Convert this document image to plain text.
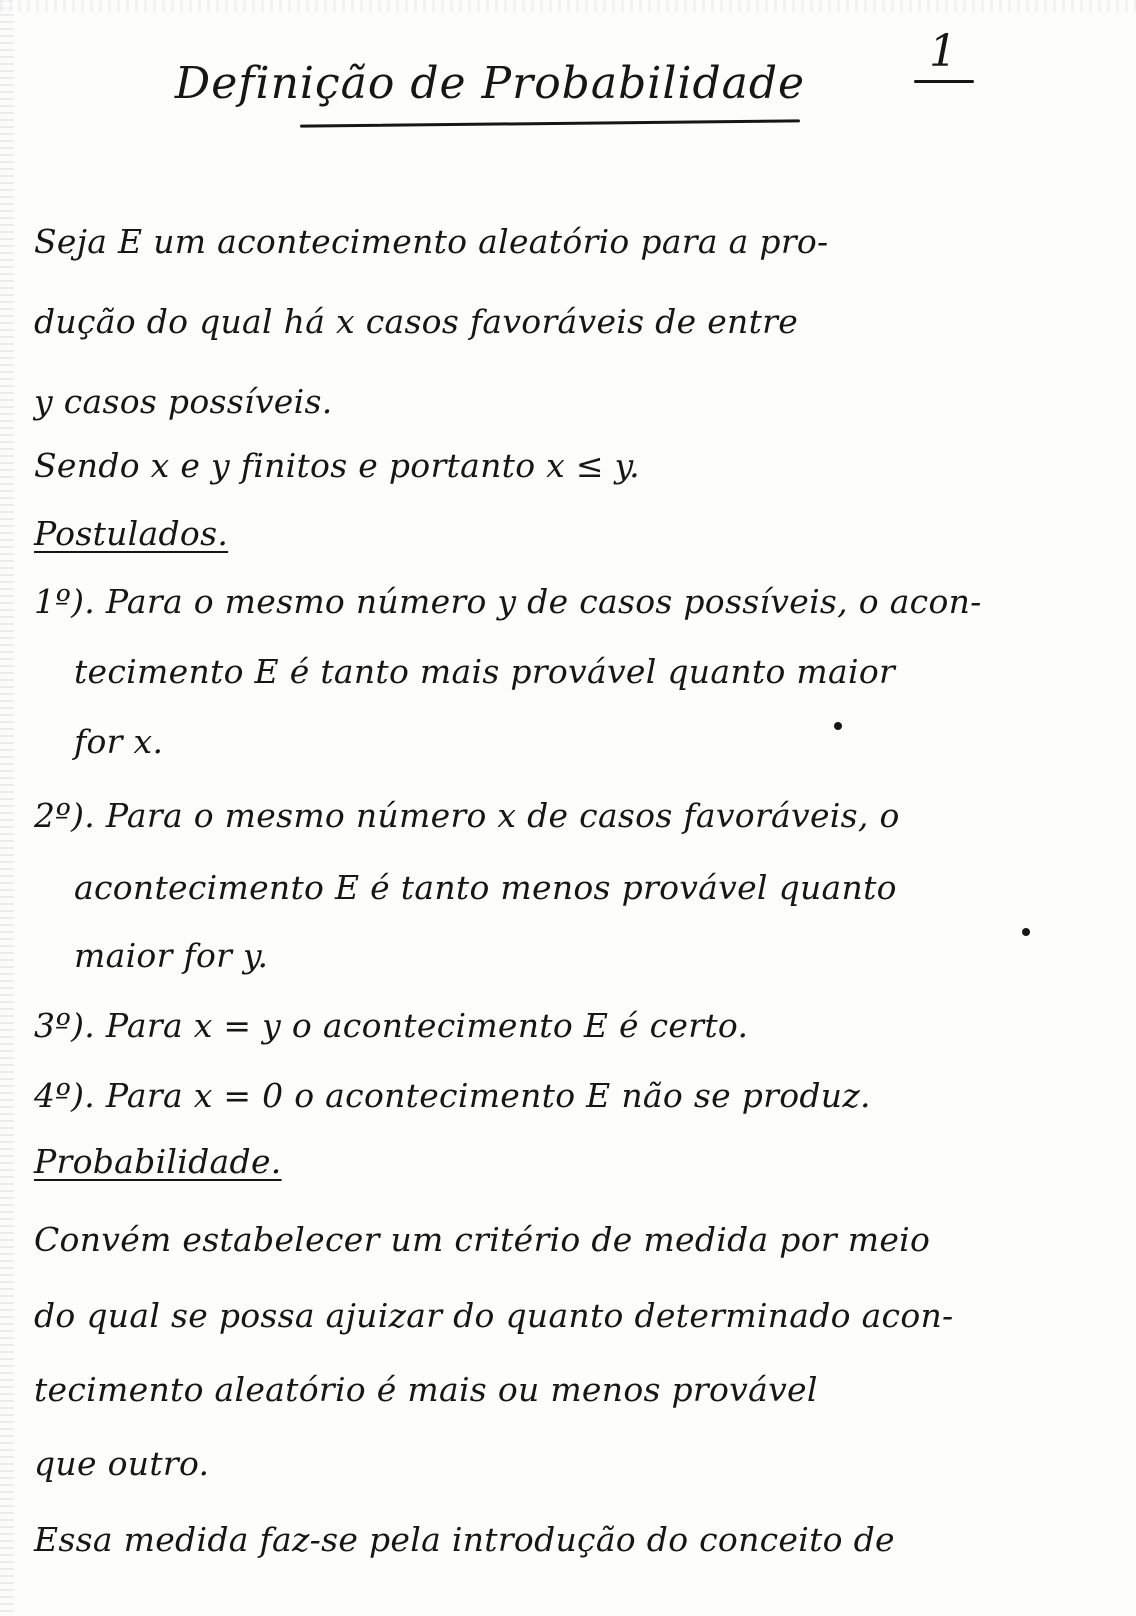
1
Definição de Probabilidade
Seja E um acontecimento aleatório para a pro-
dução do qual há x casos favoráveis de entre
y casos possíveis.
Sendo x e y finitos e portanto x ≤ y.
Postulados.
1º). Para o mesmo número y de casos possíveis, o acon-
tecimento E é tanto mais provável quanto maior
for x.
2º). Para o mesmo número x de casos favoráveis, o
acontecimento E é tanto menos provável quanto
maior for y.
3º). Para x = y o acontecimento E é certo.
4º). Para x = 0 o acontecimento E não se produz.
Probabilidade.
Convém estabelecer um critério de medida por meio
do qual se possa ajuizar do quanto determinado acon-
tecimento aleatório é mais ou menos provável
que outro.
Essa medida faz-se pela introdução do conceito de
